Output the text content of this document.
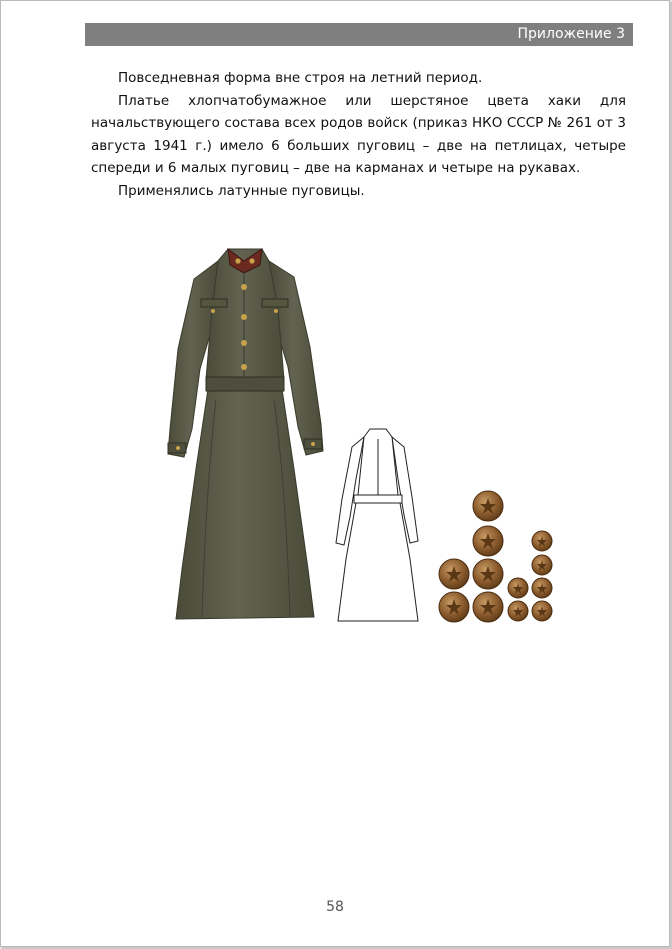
Приложение 3

Повседневная форма вне строя на летний период.

Платье хлопчатобумажное или шерстяное цвета хаки для начальствующего состава всех родов войск (приказ НКО СССР № 261 от 3 августа 1941 г.) имело 6 больших пуговиц – две на петлицах, четыре спереди и 6 малых пуговиц – две на карманах и четыре на рукавах.

Применялись латунные пуговицы.

58
